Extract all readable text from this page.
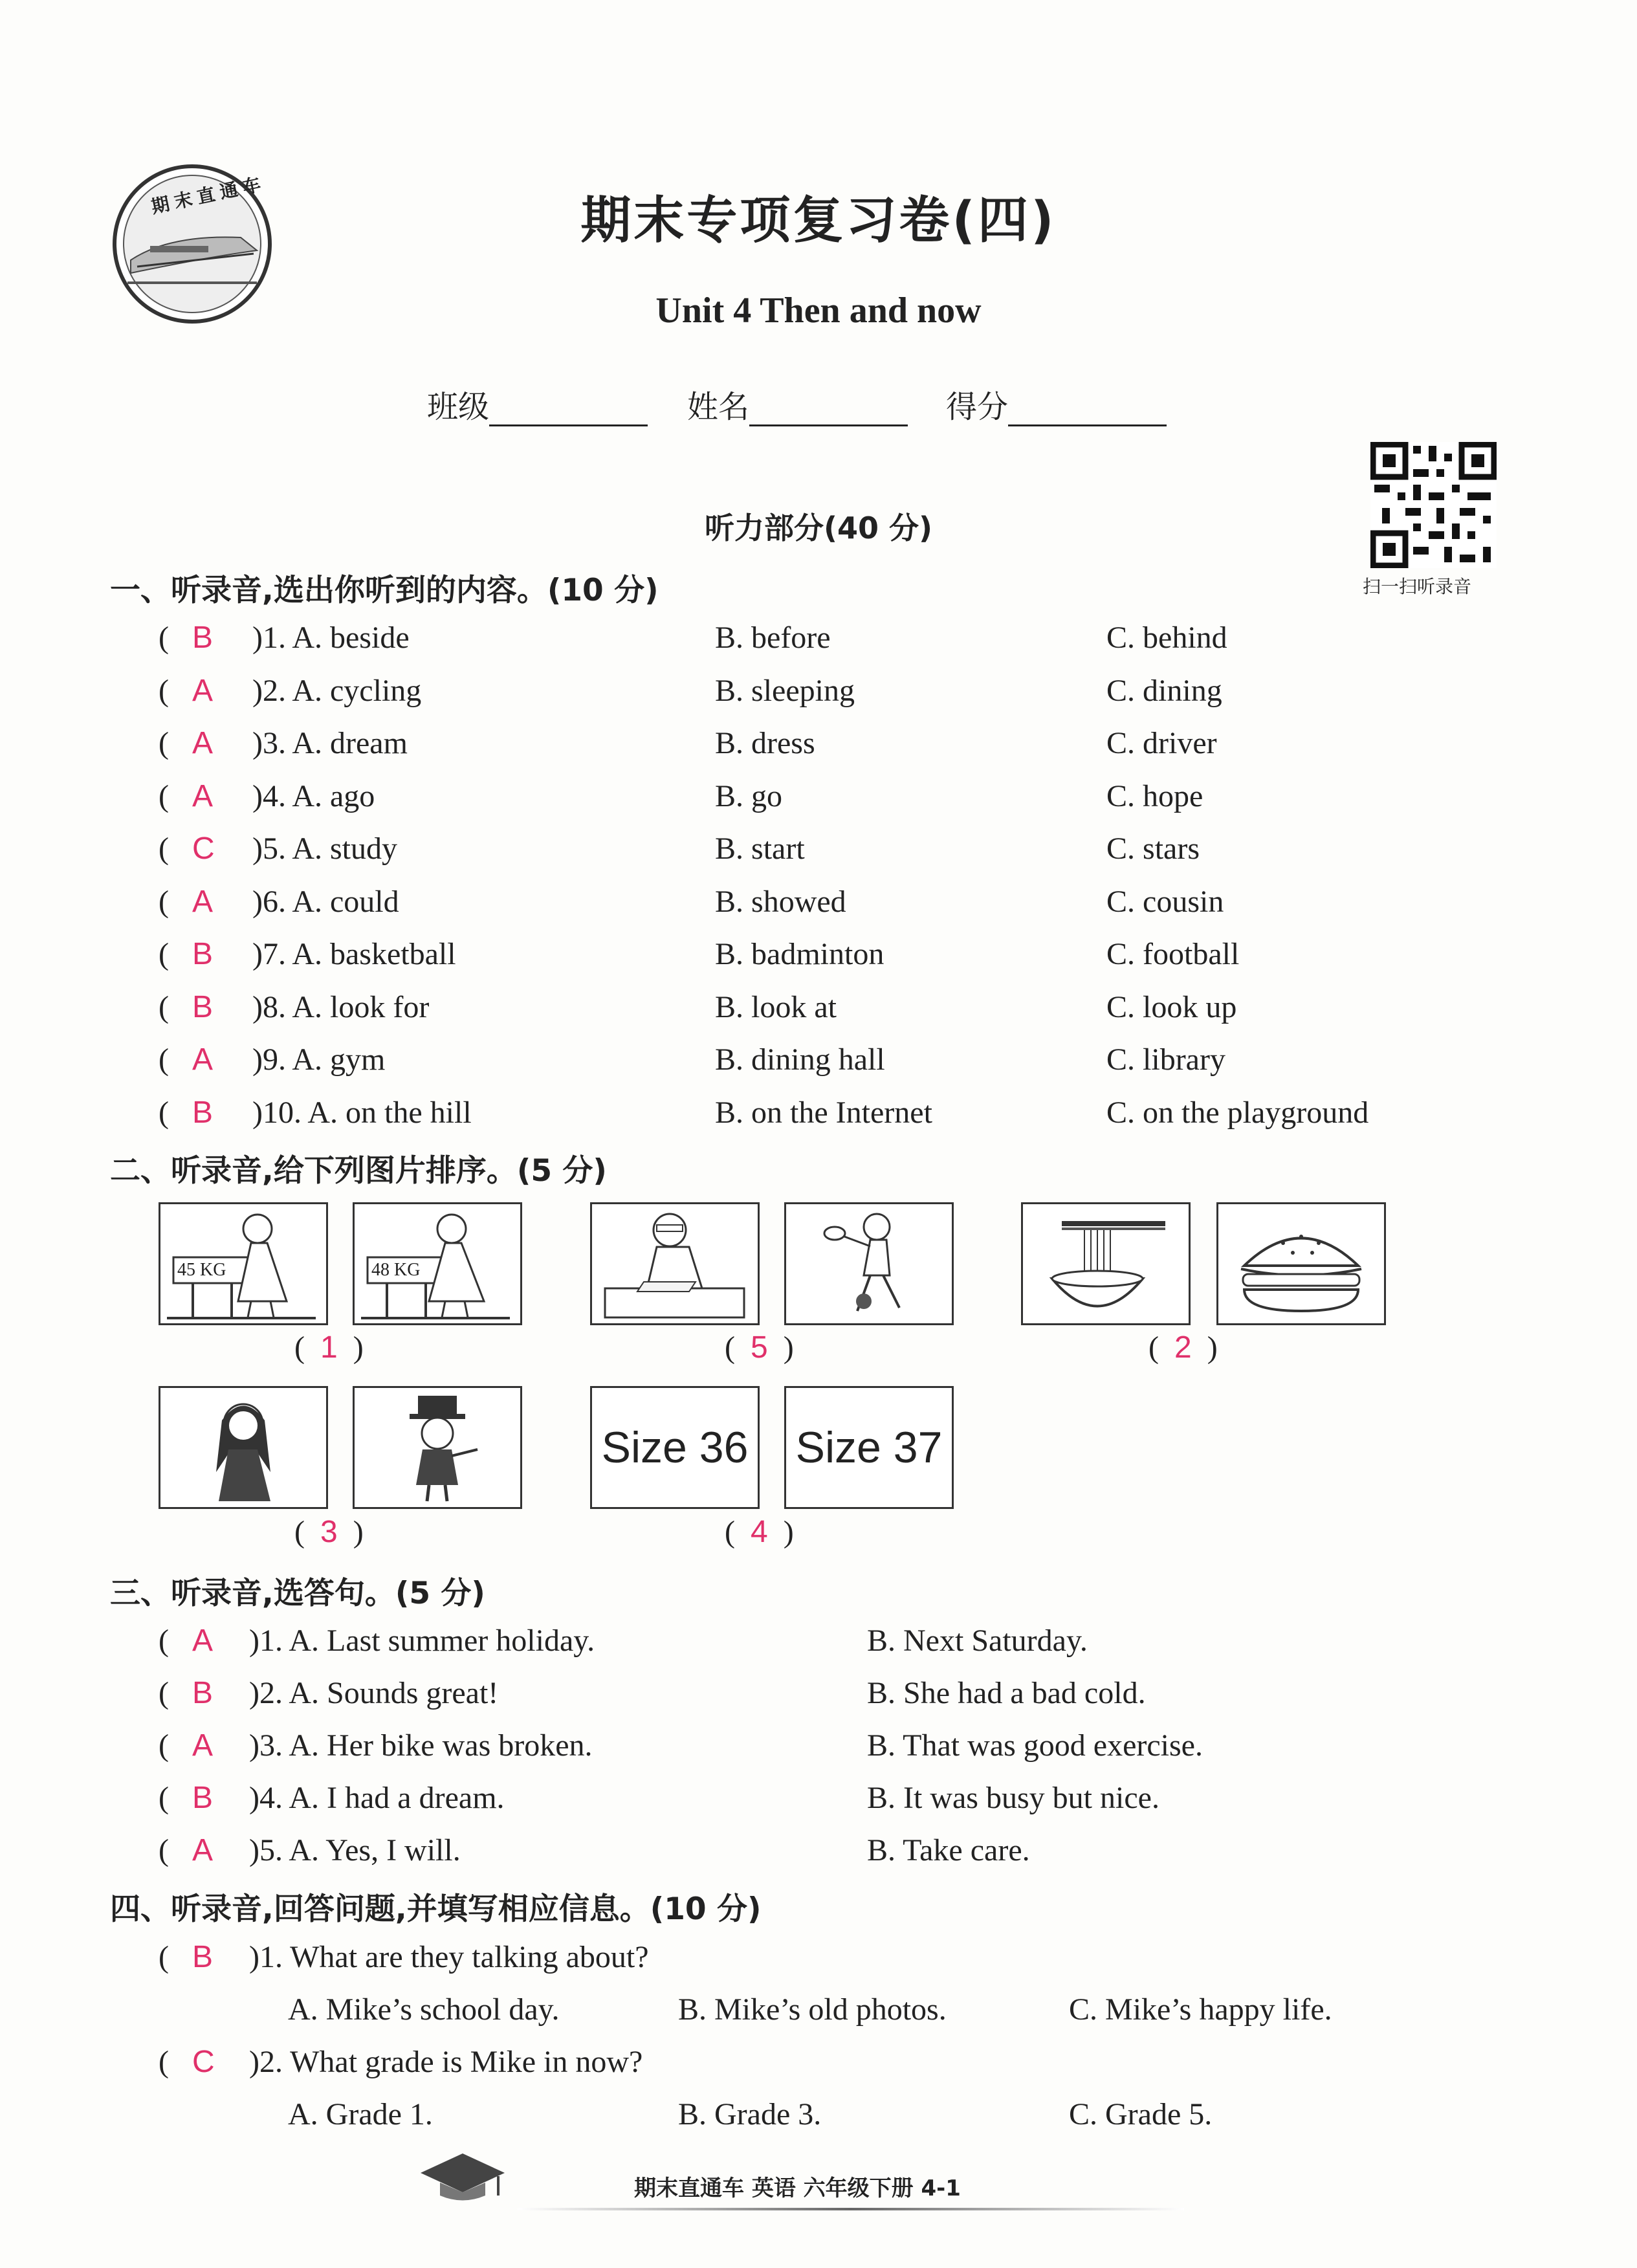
期末直通车	期末专项复习卷(四)
Unit 4 Then and now
班级	姓名	得分
扫一扫听录音
听力部分(40 分)
一、听录音,选出你听到的内容。(10 分)
(   B	)1. A. beside	B. before	C. behind
(   A	)2. A. cycling	B. sleeping	C. dining
(   A	)3. A. dream	B. dress	C. driver
(   A	)4. A. ago	B. go	C. hope
(   C	)5. A. study	B. start	C. stars
(   A	)6. A. could	B. showed	C. cousin
(   B	)7. A. basketball	B. badminton	C. football
(   B	)8. A. look for	B. look at	C. look up
(   A	)9. A. gym	B. dining hall	C. library
(   B	)10. A. on the hill	B. on the Internet	C. on the playground
二、听录音,给下列图片排序。(5 分)
45 KG	48 KG
(  1  )	(  5  )	(  2  )
(  3  )
Size 36 Size 37
(  4  )
三、听录音,选答句。(5 分)
(   A	)1. A. Last summer holiday.	B. Next Saturday.
(   B	)2. A. Sounds great!	B. She had a bad cold.
(   A	)3. A. Her bike was broken.	B. That was good exercise.
(   B	)4. A. I had a dream.	B. It was busy but nice.
(   A	)5. A. Yes, I will.	B. Take care.
四、听录音,回答问题,并填写相应信息。(10 分)
(   B	)1. What are they talking about?
A. Mike’s school day.	B. Mike’s old photos.	C. Mike’s happy life.
(   C	)2. What grade is Mike in now?
A. Grade 1.	B. Grade 3.	C. Grade 5.
期末直通车 英语 六年级下册 4-1
